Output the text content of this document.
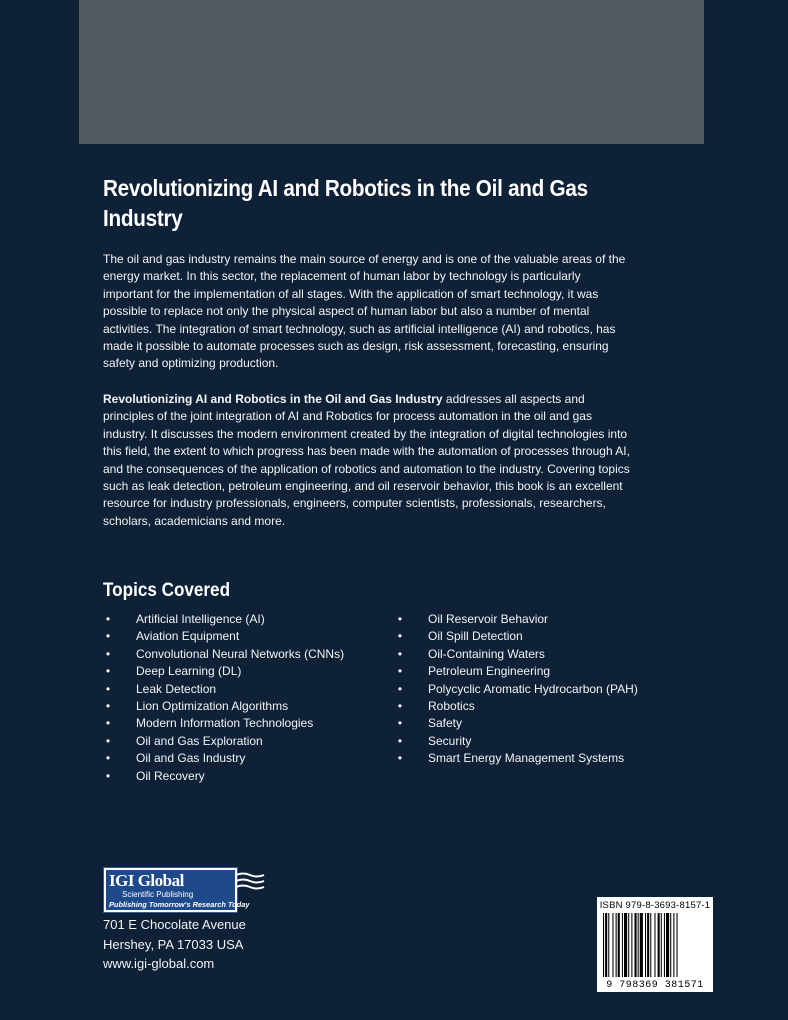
Revolutionizing AI and Robotics in the Oil and Gas Industry
The oil and gas industry remains the main source of energy and is one of the valuable areas of the energy market. In this sector, the replacement of human labor by technology is particularly important for the implementation of all stages. With the application of smart technology, it was possible to replace not only the physical aspect of human labor but also a number of mental activities. The integration of smart technology, such as artificial intelligence (AI) and robotics, has made it possible to automate processes such as design, risk assessment, forecasting, ensuring safety and optimizing production.
Revolutionizing AI and Robotics in the Oil and Gas Industry addresses all aspects and principles of the joint integration of AI and Robotics for process automation in the oil and gas industry. It discusses the modern environment created by the integration of digital technologies into this field, the extent to which progress has been made with the automation of processes through AI, and the consequences of the application of robotics and automation to the industry. Covering topics such as leak detection, petroleum engineering, and oil reservoir behavior, this book is an excellent resource for industry professionals, engineers, computer scientists, professionals, researchers, scholars, academicians and more.
Topics Covered
• Artificial Intelligence (AI)
• Aviation Equipment
• Convolutional Neural Networks (CNNs)
• Deep Learning (DL)
• Leak Detection
• Lion Optimization Algorithms
• Modern Information Technologies
• Oil and Gas Exploration
• Oil and Gas Industry
• Oil Recovery
• Oil Reservoir Behavior
• Oil Spill Detection
• Oil-Containing Waters
• Petroleum Engineering
• Polycyclic Aromatic Hydrocarbon (PAH)
• Robotics
• Safety
• Security
• Smart Energy Management Systems
IGI Global
Scientific Publishing
Publishing Tomorrow's Research Today
701 E Chocolate Avenue
Hershey, PA 17033 USA
www.igi-global.com
ISBN 979-8-3693-8157-1
9 798369 381571
